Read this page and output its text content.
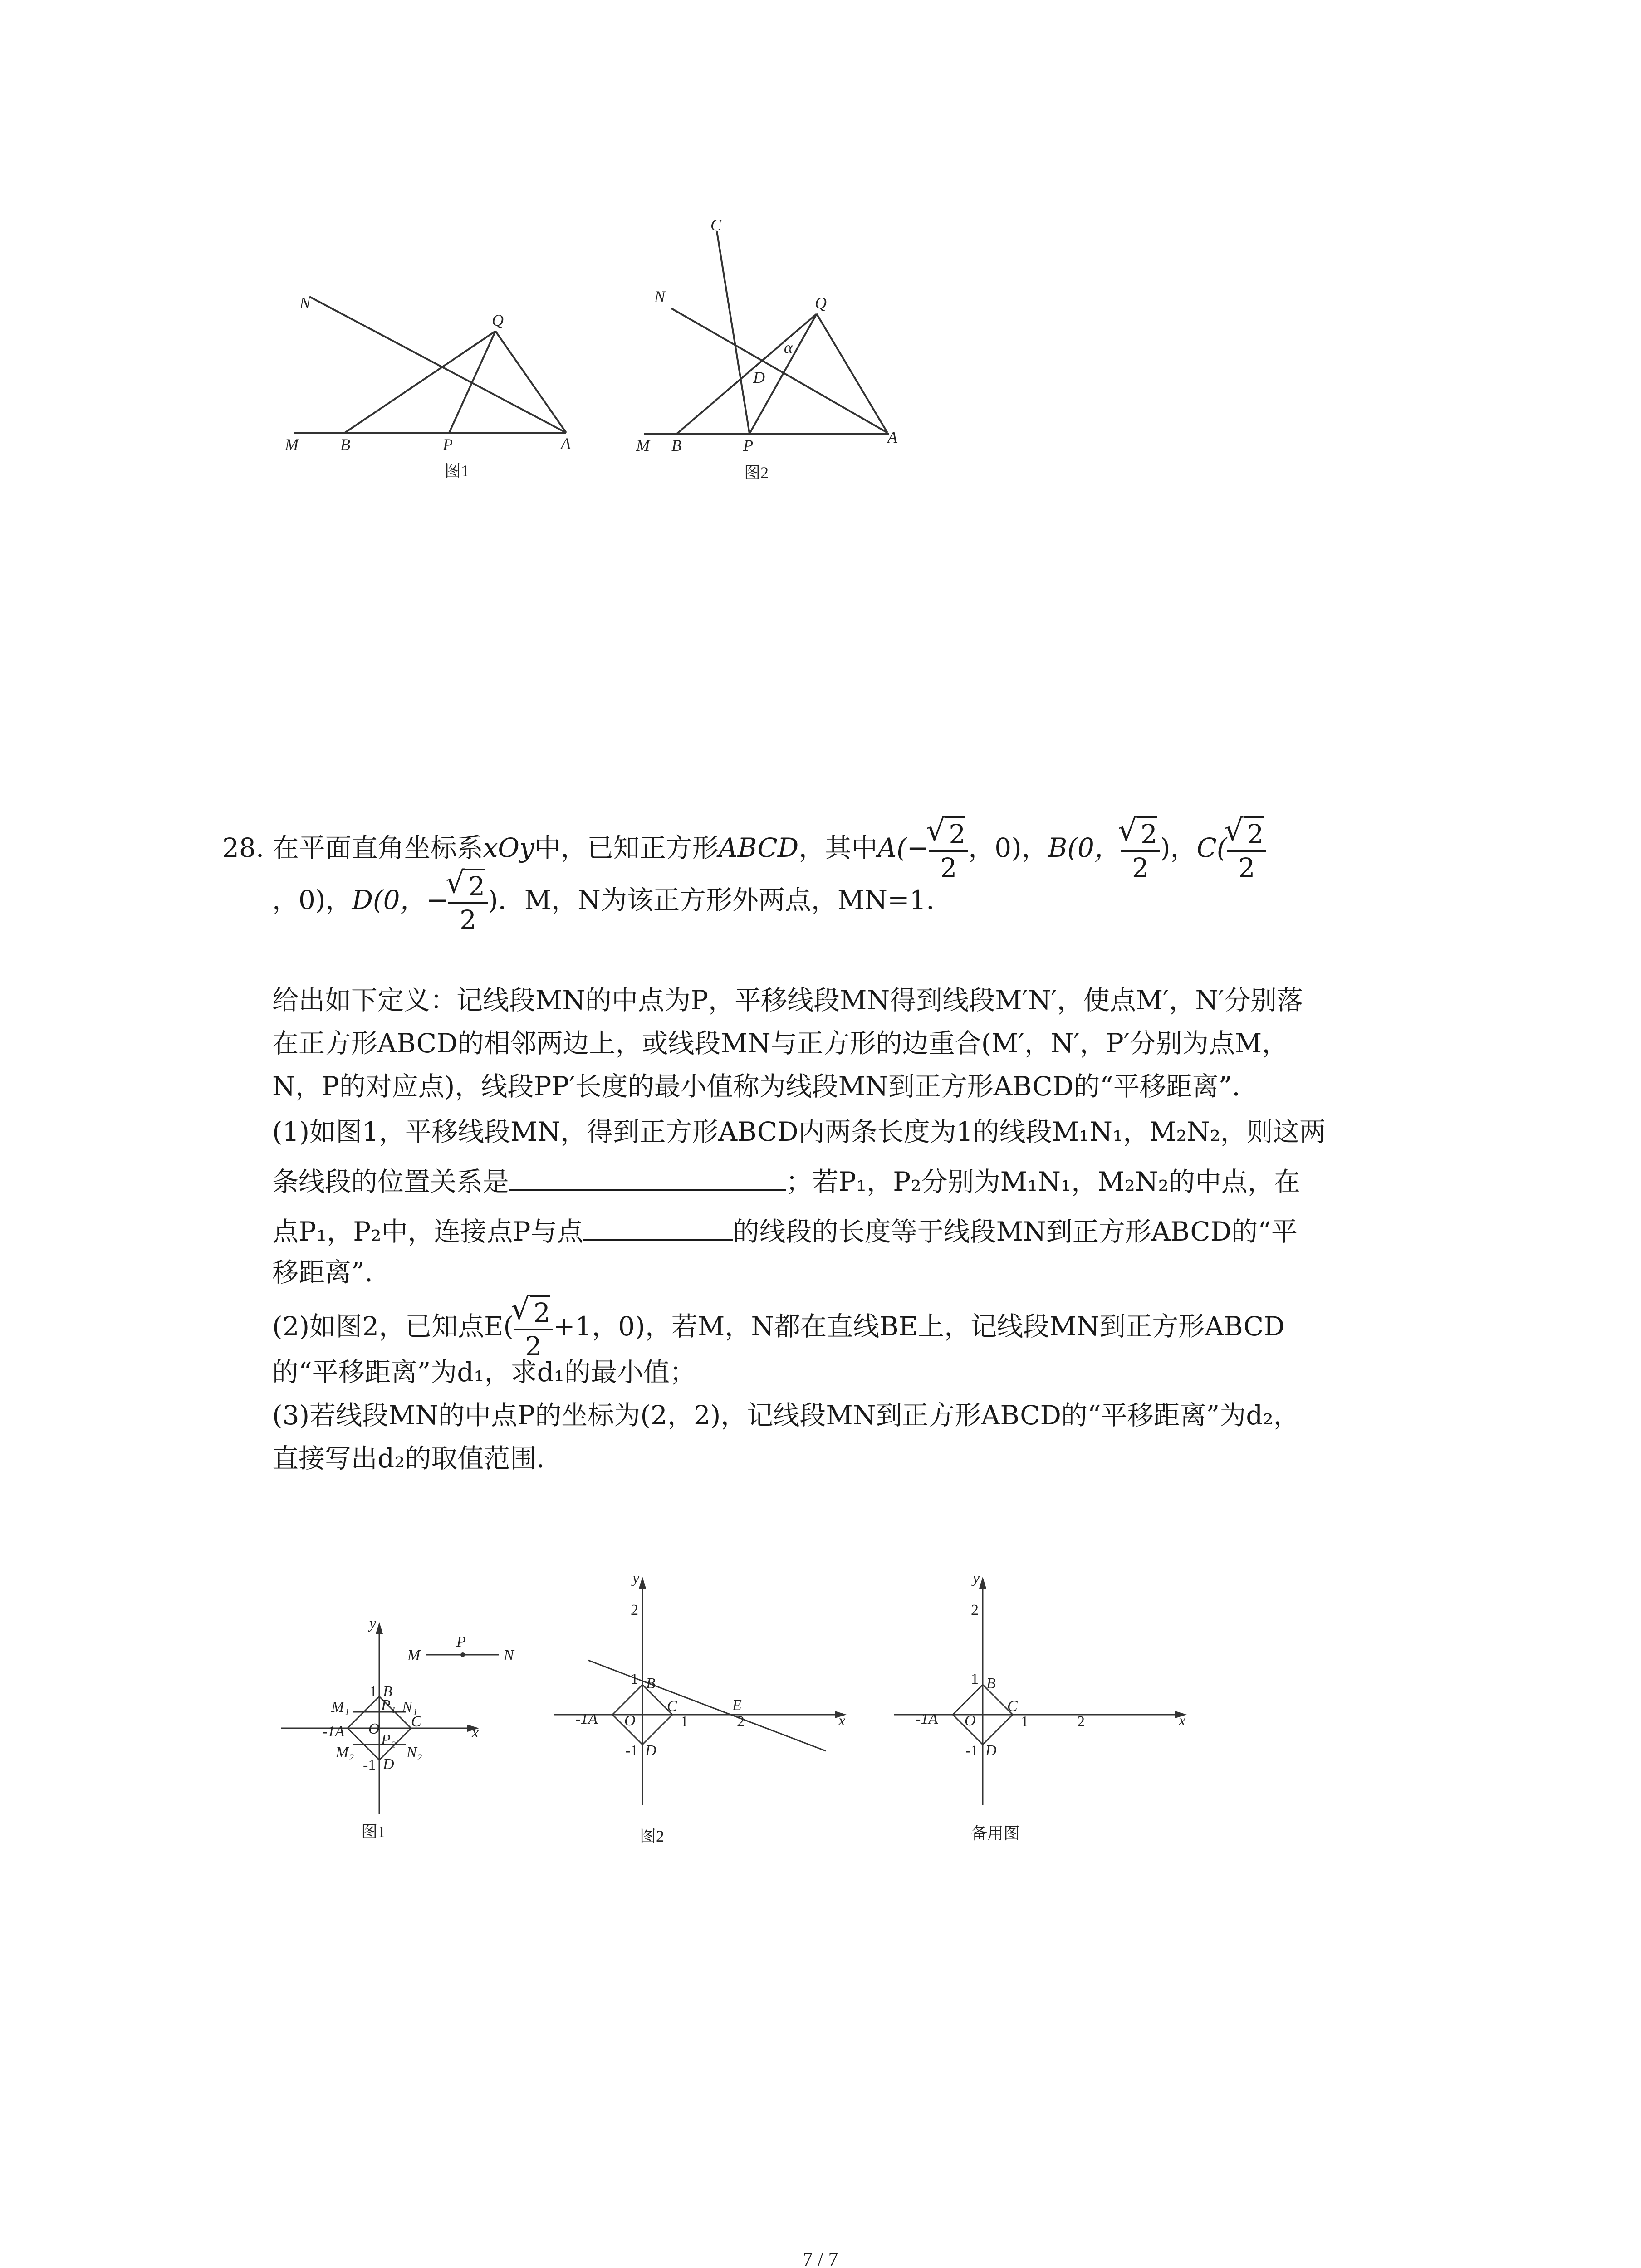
N
Q
M	B	P	A
图1
C
N	Q
α
D
M B	P	A
图2
28. 在平面直角坐标系xOy中，已知正方形ABCD，其中A(− √ $\frac{2}{2}$ ，0)，B(0， √ $\frac{2}{2}$ )，C( √ $\frac{2}{2}$
，0)，D(0，− √ $\frac{2}{2}$ )．M，N为该正方形外两点，MN=1．
给出如下定义：记线段MN的中点为P，平移线段MN得到线段M′N′，使点M′，N′分别落
在正方形ABCD的相邻两边上，或线段MN与正方形的边重合(M′，N′，P′分别为点M，
N，P的对应点)，线段PP′长度的最小值称为线段MN到正方形ABCD的“平移距离”．
(1)如图1，平移线段MN，得到正方形ABCD内两条长度为1的线段M₁N₁，M₂N₂，则这两
条线段的位置关系是	；若P₁，P₂分别为M₁N₁，M₂N₂的中点，在
点P₁，P₂中，连接点P与点	的线段的长度等于线段MN到正方形ABCD的“平
移距离”．
(2)如图2，已知点E( √ $\frac{2}{2} +1$，0)，若M，N都在直线BE上，记线段MN到正方形ABCD
的“平移距离”为d₁，求d₁的最小值；
(3)若线段MN的中点P的坐标为(2，2)，记线段MN到正方形ABCD的“平移距离”为d₂，
直接写出d₂的取值范围．
y
1 B
M₁ P₁ N₁
-1A O C
x
M₂
P₂
N₂
D
-1
M
P
N
图1
y
2
1 B
-1A O
C
1
E
2	x
D
-1
图2
y
2
1 B
-1A O
C
1	2	x
D
-1
备用图
7 / 7
